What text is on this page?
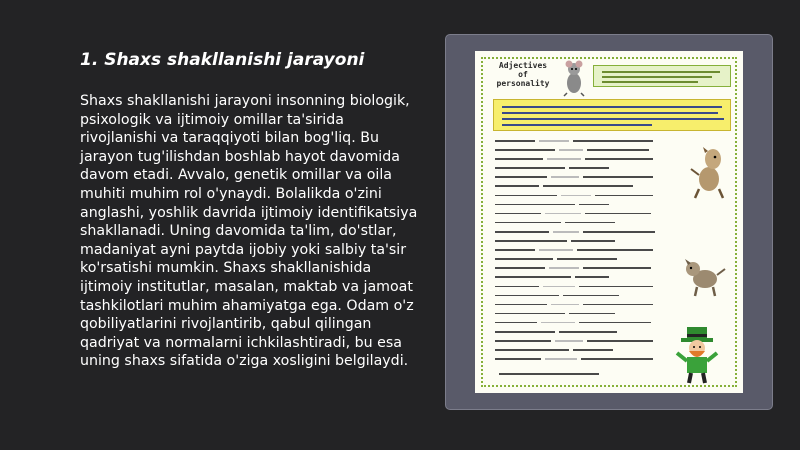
1. Shaxs shakllanishi jarayoni

Shaxs shakllanishi jarayoni insonning biologik, psixologik va ijtimoiy omillar ta'sirida rivojlanishi va taraqqiyoti bilan bog'liq. Bu jarayon tug'ilishdan boshlab hayot davomida davom etadi. Avvalo, genetik omillar va oila muhiti muhim rol o'ynaydi. Bolalikda o'zini anglashi, yoshlik davrida ijtimoiy identifikatsiya shakllanadi. Uning davomida ta'lim, do'stlar, madaniyat ayni paytda ijobiy yoki salbiy ta'sir ko'rsatishi mumkin. Shaxs shakllanishida ijtimoiy institutlar, masalan, maktab va jamoat tashkilotlari muhim ahamiyatga ega. Odam o'z qobiliyatlarini rivojlantirib, qabul qilingan qadriyat va normalarni ichkilashtiradi, bu esa uning shaxs sifatida o'ziga xosligini belgilaydi.

Adjectives
of
personality
